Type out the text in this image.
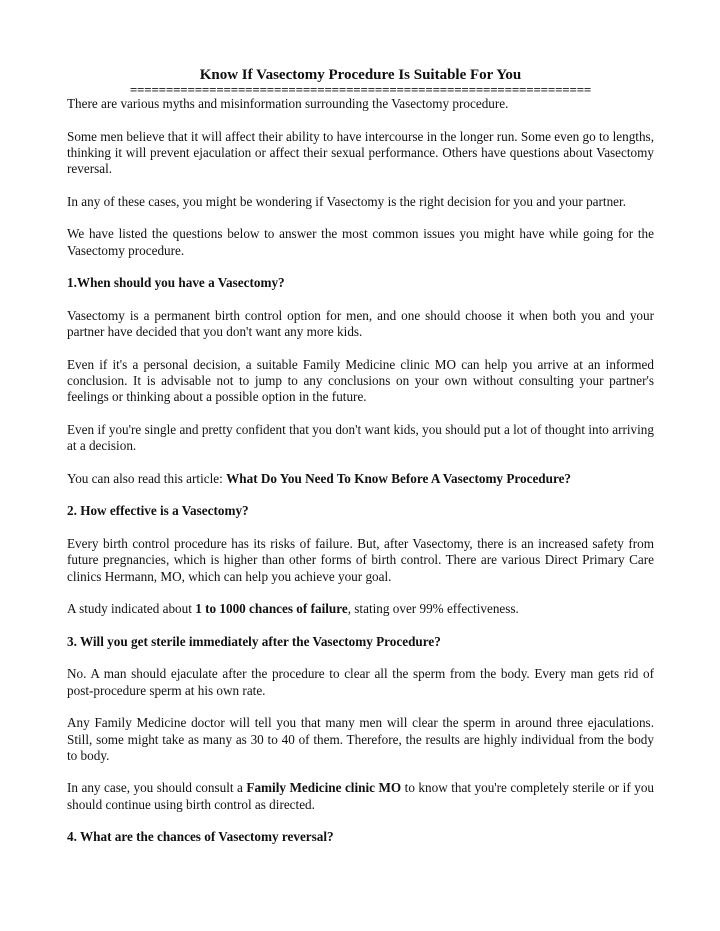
Know If Vasectomy Procedure Is Suitable For You
================================================================

There are various myths and misinformation surrounding the Vasectomy procedure.

Some men believe that it will affect their ability to have intercourse in the longer run. Some even go to lengths, thinking it will prevent ejaculation or affect their sexual performance. Others have questions about Vasectomy reversal.

In any of these cases, you might be wondering if Vasectomy is the right decision for you and your partner.

We have listed the questions below to answer the most common issues you might have while going for the Vasectomy procedure.

1.When should you have a Vasectomy?

Vasectomy is a permanent birth control option for men, and one should choose it when both you and your partner have decided that you don't want any more kids.

Even if it's a personal decision, a suitable Family Medicine clinic MO can help you arrive at an informed conclusion. It is advisable not to jump to any conclusions on your own without consulting your partner's feelings or thinking about a possible option in the future.

Even if you're single and pretty confident that you don't want kids, you should put a lot of thought into arriving at a decision.

You can also read this article: What Do You Need To Know Before A Vasectomy Procedure?

2. How effective is a Vasectomy?

Every birth control procedure has its risks of failure. But, after Vasectomy, there is an increased safety from future pregnancies, which is higher than other forms of birth control. There are various Direct Primary Care clinics Hermann, MO, which can help you achieve your goal.

A study indicated about 1 to 1000 chances of failure, stating over 99% effectiveness.

3. Will you get sterile immediately after the Vasectomy Procedure?

No. A man should ejaculate after the procedure to clear all the sperm from the body. Every man gets rid of post-procedure sperm at his own rate.

Any Family Medicine doctor will tell you that many men will clear the sperm in around three ejaculations. Still, some might take as many as 30 to 40 of them. Therefore, the results are highly individual from the body to body.

In any case, you should consult a Family Medicine clinic MO to know that you're completely sterile or if you should continue using birth control as directed.

4. What are the chances of Vasectomy reversal?
